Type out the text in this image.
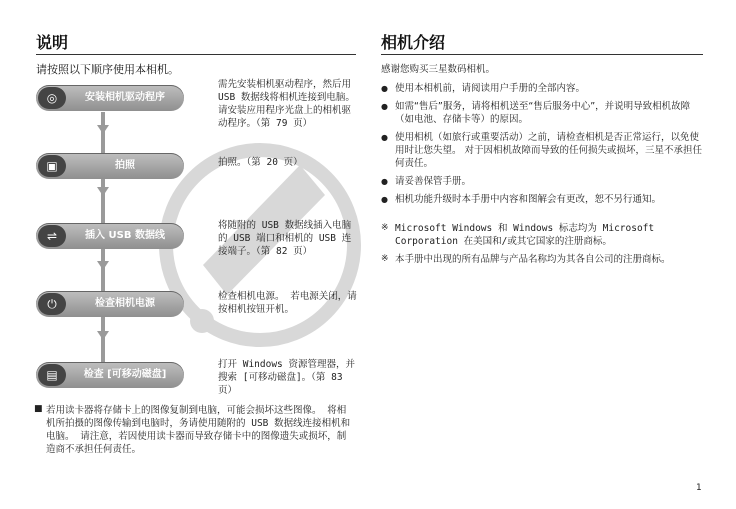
说明
请按照以下顺序使用本相机。
◎	安装相机驱动程序
需先安装相机驱动程序，然后用 USB 数据线将相机连接到电脑。请安装应用程序光盘上的相机驱动程序。（第 79 页）
▣	拍照	拍照。（第 20 页）
⇌	插入 USB 数据线
将随附的 USB 数据线插入电脑的 USB 端口和相机的 USB 连接端子。（第 82 页）
⏻	检查相机电源
检查相机电源。 若电源关闭，请按相机按钮开机。
▤	检查 [可移动磁盘]
打开 Windows 资源管理器，并搜索 [可移动磁盘]。（第 83 页）
■ 若用读卡器将存储卡上的图像复制到电脑，可能会损坏这些图像。 将相机所拍摄的图像传输到电脑时，务请使用随附的 USB 数据线连接相机和电脑。 请注意，若因使用读卡器而导致存储卡中的图像遗失或损坏，制造商不承担任何责任。
相机介绍
感谢您购买三星数码相机。
● 使用本相机前，请阅读用户手册的全部内容。
● 如需“售后”服务，请将相机送至“售后服务中心”，并说明导致相机故障（如电池、存储卡等）的原因。
● 使用相机（如旅行或重要活动）之前，请检查相机是否正常运行，以免使用时让您失望。 对于因相机故障而导致的任何损失或损坏，三星不承担任何责任。
● 请妥善保管手册。
● 相机功能升级时本手册中内容和图解会有更改，恕不另行通知。
※ Microsoft Windows 和 Windows 标志均为 Microsoft Corporation 在美国和/或其它国家的注册商标。
※ 本手册中出现的所有品牌与产品名称均为其各自公司的注册商标。
1
